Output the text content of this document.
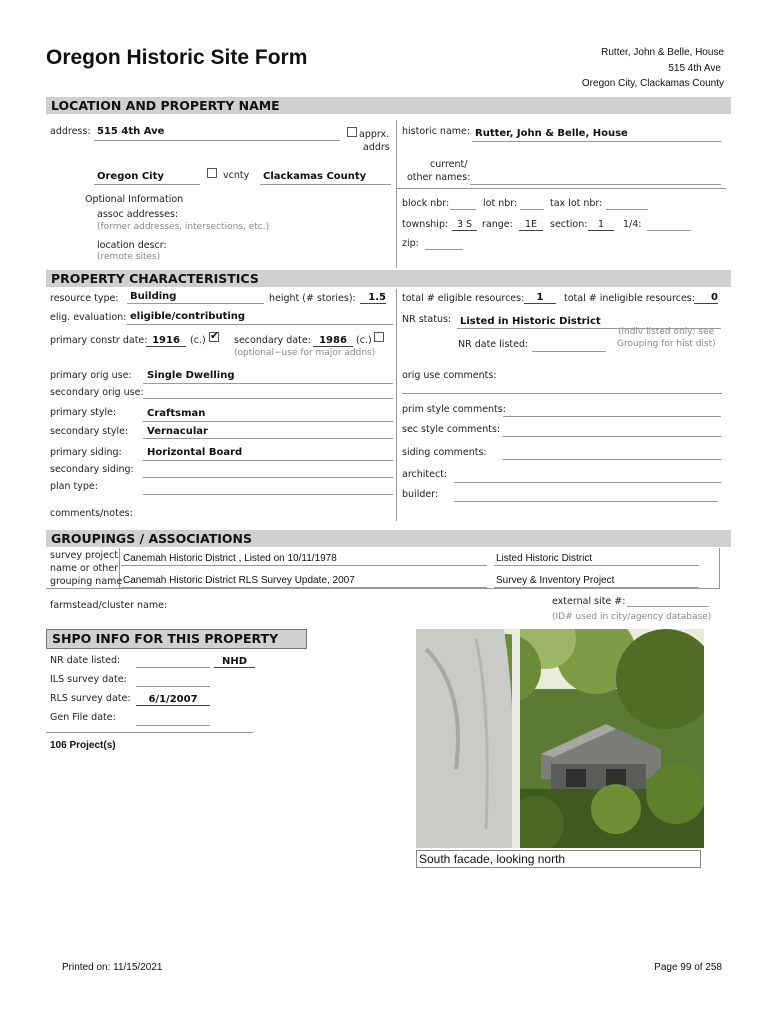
Oregon Historic Site Form	Rutter, John & Belle, House
515 4th Ave
Oregon City, Clackamas County
LOCATION AND PROPERTY NAME
address: 515 4th Ave	apprx.
addrs
historic name: Rutter, John & Belle, House
Oregon City	vcnty Clackamas County
current/
other names:
Optional Information
assoc addresses:
(former addresses, intersections, etc.)
location descr:
(remote sites)
block nbr:	lot nbr:	tax lot nbr:
township: 3 S	range:	1E	section:	1	1/4:
zip:
PROPERTY CHARACTERISTICS
resource type: Building	height (# stories):	1.5 total # eligible resources:	1	total # ineligible resources:	0
elig. evaluation: eligible/contributing	NR status: Listed in Historic District
primary constr date: 1916	(c.)
✔	secondary date: 1986 (c.)
(optional−use for major addns)
(indiv listed only; see
NR date listed:	Grouping for hist dist)
primary orig use: Single Dwelling	orig use comments:
secondary orig use:
primary style:	Craftsman	prim style comments:
secondary style: Vernacular	sec style comments:
primary siding:	Horizontal Board	siding comments:
secondary siding:	architect:
plan type:
builder:
comments/notes:
GROUPINGS / ASSOCIATIONS
survey project
name or other
grouping name
Canemah Historic District , Listed on 10/11/1978	Listed Historic District
Canemah Historic District RLS Survey Update, 2007	Survey & Inventory Project
farmstead/cluster name:	external site #:
(ID# used in city/agency database)
SHPO INFO FOR THIS PROPERTY
NR date listed:	NHD
ILS survey date:
RLS survey date:	6/1/2007
Gen File date:
106 Project(s)
South facade, looking north
Printed on: 11/15/2021	Page 99 of 258
